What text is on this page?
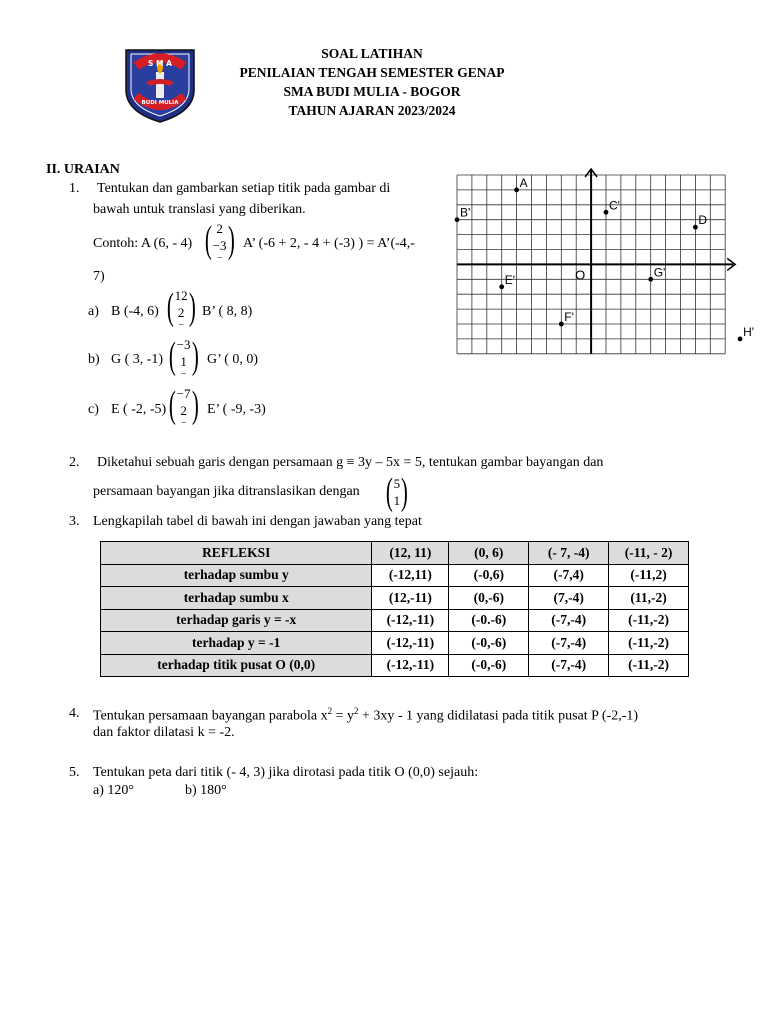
S M A
BUDI MULIA
SOAL LATIHAN
PENILAIAN TENGAH SEMESTER GENAP
SMA BUDI MULIA - BOGOR
TAHUN AJARAN 2023/2024
II. URAIAN
1. Tentukan dan gambarkan setiap titik pada gambar di
bawah untuk translasi yang diberikan.
Contoh: A (6, - 4) ( 2
−3
– ) A’ (-6 + 2, - 4 + (-3) ) = A’(-4,-
7)
a) B (-4, 6) ( 12
2
– ) B’ ( 8, 8)
b) G ( 3, -1) ( −3
1
– ) G’ ( 0, 0)
c) E ( -2, -5) ( −7
2
– ) E’ ( -9, -3)
O
A
B'
C'
D
E'
F'
G'
H'
2. Diketahui sebuah garis dengan persamaan g ≡ 3y – 5x = 5, tentukan gambar bayangan dan
persamaan bayangan jika ditranslasikan dengan ( 5
1 )
3. Lengkapilah tabel di bawah ini dengan jawaban yang tepat
REFLEKSI	(12, 11)	(0, 6)	(- 7, -4)	(-11, - 2)
terhadap sumbu y	(-12,11)	(-0,6)	(-7,4)	(-11,2)
terhadap sumbu x	(12,-11)	(0,-6)	(7,-4)	(11,-2)
terhadap garis y = -x	(-12,-11)	(-0.-6)	(-7,-4)	(-11,-2)
terhadap y = -1	(-12,-11)	(-0,-6)	(-7,-4)	(-11,-2)
terhadap titik pusat O (0,0)	(-12,-11)	(-0,-6)	(-7,-4)	(-11,-2)
4. Tentukan persamaan bayangan parabola $x^2 = y^2 + 3xy - 1$ yang didilatasi pada titik pusat P (-2,-1)
dan faktor dilatasi k = -2.
5. Tentukan peta dari titik (- 4, 3) jika dirotasi pada titik O (0,0) sejauh:
a) 120°	b) 180°
